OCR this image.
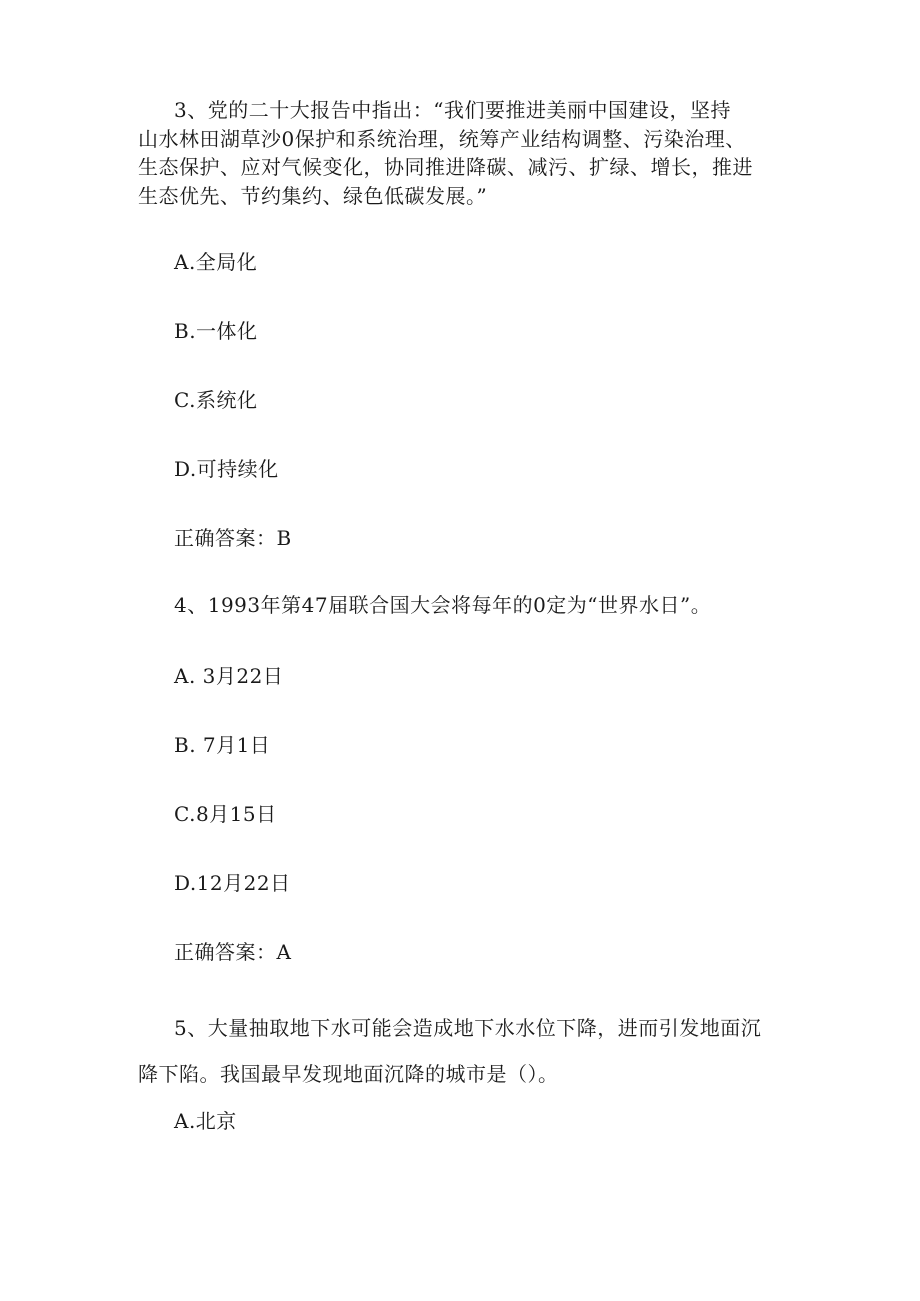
3、党的二十大报告中指出：“我们要推进美丽中国建设，坚持
山水林田湖草沙0保护和系统治理，统筹产业结构调整、污染治理、
生态保护、应对气候变化，协同推进降碳、减污、扩绿、增长，推进
生态优先、节约集约、绿色低碳发展。”

A.全局化

B.一体化

C.系统化

D.可持续化

正确答案：B

4、1993年第47届联合国大会将每年的0定为“世界水日”。

A. 3月22日

B. 7月1日

C.8月15日

D.12月22日

正确答案：A

5、大量抽取地下水可能会造成地下水水位下降，进而引发地面沉
降下陷。我国最早发现地面沉降的城市是（）。

A.北京
